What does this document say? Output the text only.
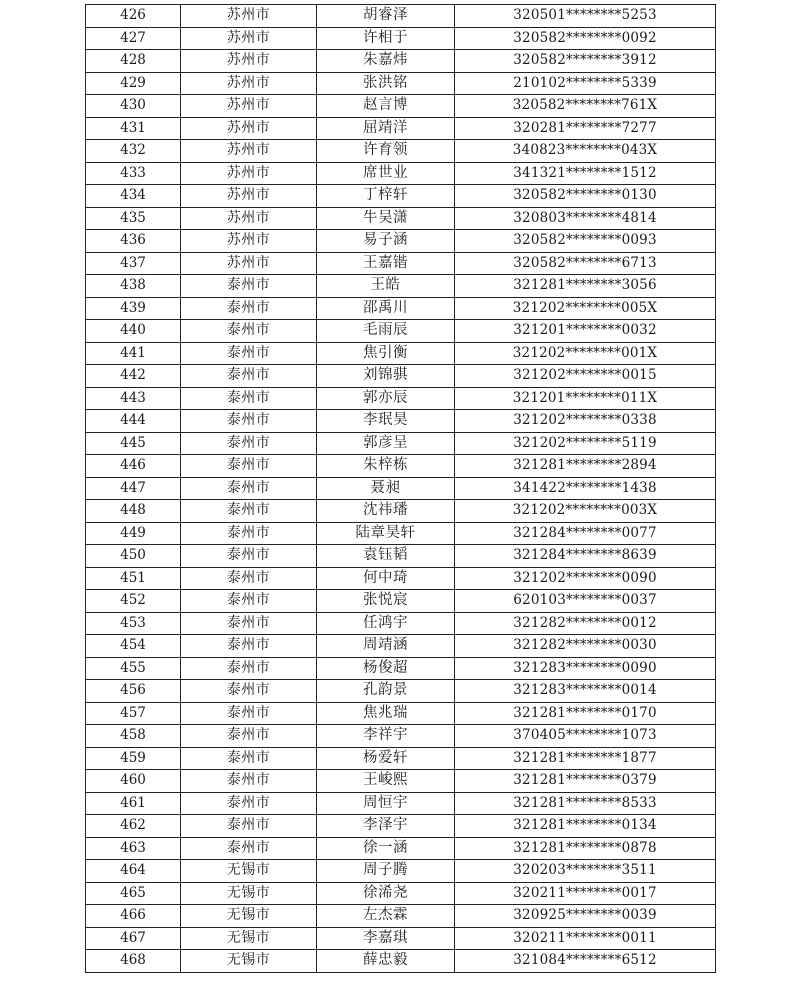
426	苏州市	胡睿泽	320501********5253
427	苏州市	许相于	320582********0092
428	苏州市	朱嘉炜	320582********3912
429	苏州市	张洪铭	210102********5339
430	苏州市	赵言博	320582********761X
431	苏州市	屈靖洋	320281********7277
432	苏州市	许育领	340823********043X
433	苏州市	席世业	341321********1512
434	苏州市	丁梓轩	320582********0130
435	苏州市	牛吴潇	320803********4814
436	苏州市	易子涵	320582********0093
437	苏州市	王嘉锴	320582********6713
438	泰州市	王皓	321281********3056
439	泰州市	邵禹川	321202********005X
440	泰州市	毛雨辰	321201********0032
441	泰州市	焦引衡	321202********001X
442	泰州市	刘锦骐	321202********0015
443	泰州市	郭亦辰	321201********011X
444	泰州市	李珉昊	321202********0338
445	泰州市	郭彦呈	321202********5119
446	泰州市	朱梓栋	321281********2894
447	泰州市	聂昶	341422********1438
448	泰州市	沈祎璠	321202********003X
449	泰州市	陆章昊轩	321284********0077
450	泰州市	袁钰韬	321284********8639
451	泰州市	何中琦	321202********0090
452	泰州市	张悦宸	620103********0037
453	泰州市	任鸿宇	321282********0012
454	泰州市	周靖涵	321282********0030
455	泰州市	杨俊超	321283********0090
456	泰州市	孔韵景	321283********0014
457	泰州市	焦兆瑞	321281********0170
458	泰州市	李祥宇	370405********1073
459	泰州市	杨爱轩	321281********1877
460	泰州市	王峻熙	321281********0379
461	泰州市	周恒宇	321281********8533
462	泰州市	李泽宇	321281********0134
463	泰州市	徐一涵	321281********0878
464	无锡市	周子腾	320203********3511
465	无锡市	徐浠尧	320211********0017
466	无锡市	左杰霖	320925********0039
467	无锡市	李嘉琪	320211********0011
468	无锡市	薛忠毅	321084********6512
